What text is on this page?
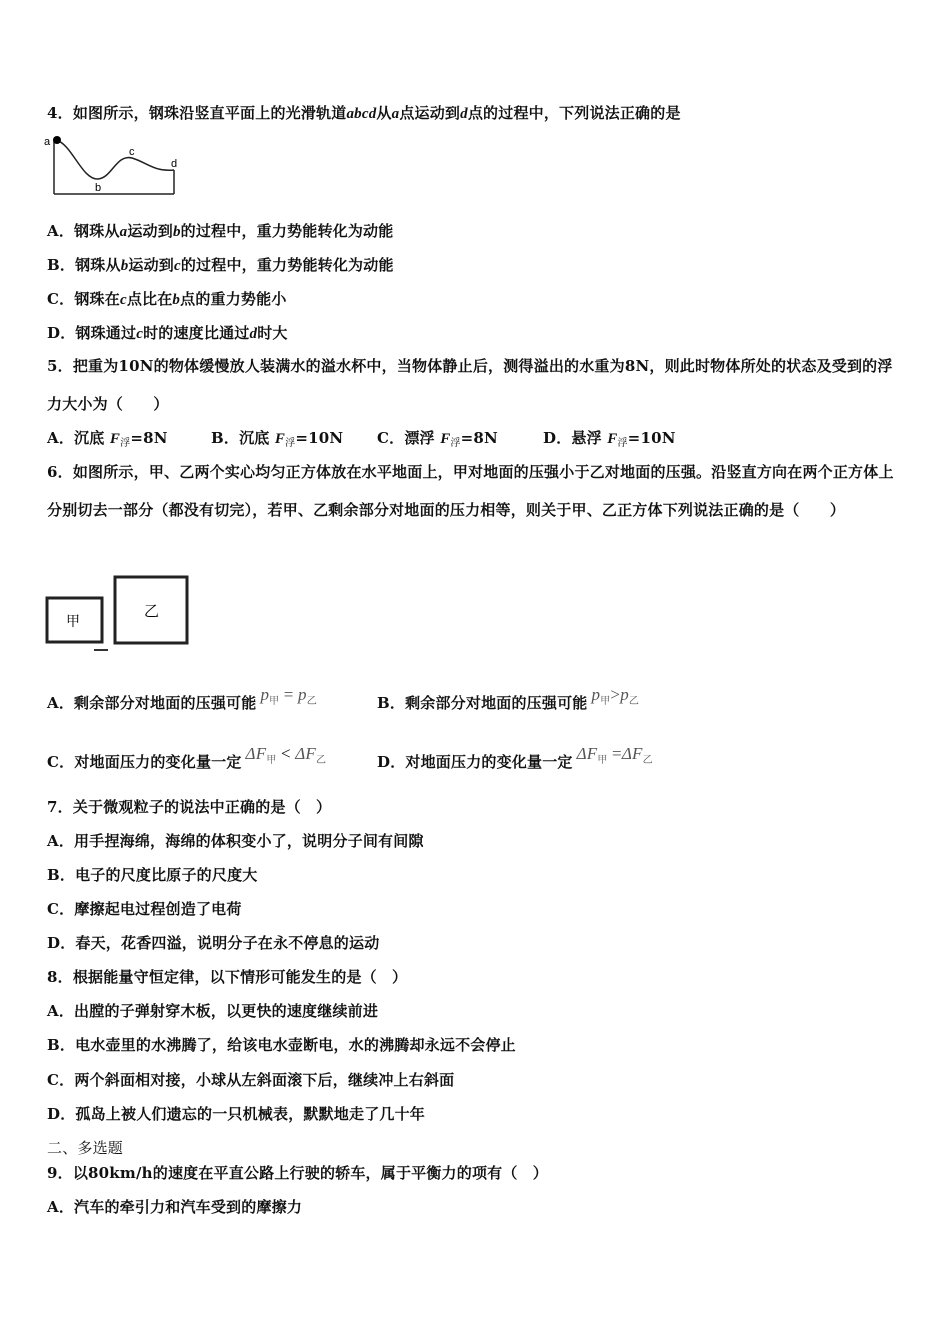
4．如图所示，钢珠沿竖直平面上的光滑轨道abcd从a点运动到d点的过程中，下列说法正确的是
a
b
c
d
A．钢珠从a运动到b的过程中，重力势能转化为动能
B．钢珠从b运动到c的过程中，重力势能转化为动能
C．钢珠在c点比在b点的重力势能小
D．钢珠通过c时的速度比通过d时大
5．把重为10N的物体缓慢放人装满水的溢水杯中，当物体静止后，测得溢出的水重为8N，则此时物体所处的状态及受到的浮力大小为（　　）
A．沉底 $F_浮=8N$	B．沉底 $F_浮=10N$ C．漂浮 $F_浮=8N$	D．悬浮 $F_浮=10N$
6．如图所示，甲、乙两个实心均匀正方体放在水平地面上，甲对地面的压强小于乙对地面的压强。沿竖直方向在两个正方体上分别切去一部分（都没有切完），若甲、乙剩余部分对地面的压力相等，则关于甲、乙正方体下列说法正确的是（　　）
甲
乙
A．剩余部分对地面的压强可能 $p_甲 = p_乙$	B．剩余部分对地面的压强可能 $p_甲>p_乙$
C．对地面压力的变化量一定 $\Delta F_甲 < \Delta F_乙$	D．对地面压力的变化量一定 $\Delta F_甲 =\Delta F_乙$
7．关于微观粒子的说法中正确的是（　）
A．用手捏海绵，海绵的体积变小了，说明分子间有间隙
B．电子的尺度比原子的尺度大
C．摩擦起电过程创造了电荷
D．春天，花香四溢，说明分子在永不停息的运动
8．根据能量守恒定律，以下情形可能发生的是（　）
A．出膛的子弹射穿木板，以更快的速度继续前进
B．电水壶里的水沸腾了，给该电水壶断电，水的沸腾却永远不会停止
C．两个斜面相对接，小球从左斜面滚下后，继续冲上右斜面
D．孤岛上被人们遗忘的一只机械表，默默地走了几十年
二、多选题
9．以80km/h的速度在平直公路上行驶的轿车，属于平衡力的项有（　）
A．汽车的牵引力和汽车受到的摩擦力
